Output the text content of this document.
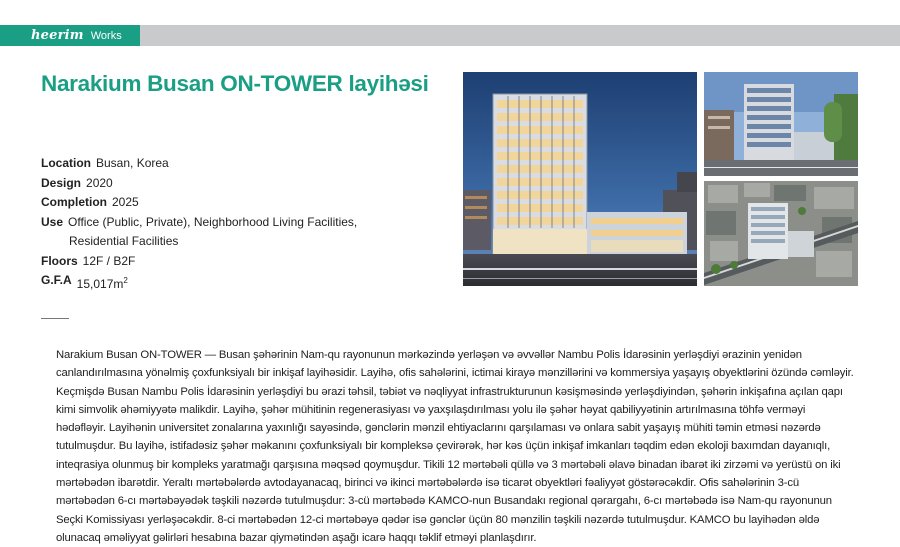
heerim Works
Narakium Busan ON-TOWER layihəsi
Location Busan, Korea
Design 2020
Completion 2025
Use Office (Public, Private), Neighborhood Living Facilities,
Residential Facilities
Floors 12F / B2F
G.F.A $15,017m^2$
Narakium Busan ON-TOWER — Busan şəhərinin Nam-qu rayonunun mərkəzində yerləşən və əvvəllər Nambu Polis İdarəsinin yerləşdiyi ərazinin yenidən canlandırılmasına yönəlmiş çoxfunksiyalı bir inkişaf layihəsidir. Layihə, ofis sahələrini, ictimai kirayə mənzillərini və kommersiya yaşayış obyektlərini özündə cəmləyir. Keçmişdə Busan Nambu Polis İdarəsinin yerləşdiyi bu ərazi təhsil, təbiət və nəqliyyat infrastrukturunun kəsişməsində yerləşdiyindən, şəhərin inkişafına açılan qapı kimi simvolik əhəmiyyətə malikdir. Layihə, şəhər mühitinin regenerasiyası və yaxşılaşdırılması yolu ilə şəhər həyat qabiliyyətinin artırılmasına töhfə verməyi hədəfləyir. Layihənin universitet zonalarına yaxınlığı sayəsində, gənclərin mənzil ehtiyaclarını qarşılaması və onlara sabit yaşayış mühiti təmin etməsi nəzərdə tutulmuşdur. Bu layihə, istifadəsiz şəhər məkanını çoxfunksiyalı bir kompleksə çevirərək, hər kəs üçün inkişaf imkanları təqdim edən ekoloji baxımdan dayanıqlı, inteqrasiya olunmuş bir kompleks yaratmağı qarşısına məqsəd qoymuşdur. Tikili 12 mərtəbəli qüllə və 3 mərtəbəli əlavə binadan ibarət iki zirzəmi və yerüstü on iki mərtəbədən ibarətdir. Yeraltı mərtəbələrdə avtodayanacaq, birinci və ikinci mərtəbələrdə isə ticarət obyektləri fəaliyyət göstərəcəkdir. Ofis sahələrinin 3-cü mərtəbədən 6-cı mərtəbəyədək təşkili nəzərdə tutulmuşdur: 3-cü mərtəbədə KAMCO-nun Busandakı regional qərargahı, 6-cı mərtəbədə isə Nam-qu rayonunun Seçki Komissiyası yerləşəcəkdir. 8-ci mərtəbədən 12-ci mərtəbəyə qədər isə gənclər üçün 80 mənzilin təşkili nəzərdə tutulmuşdur. KAMCO bu layihədən əldə olunacaq əməliyyat gəlirləri hesabına bazar qiymətindən aşağı icarə haqqı təklif etməyi planlaşdırır.
